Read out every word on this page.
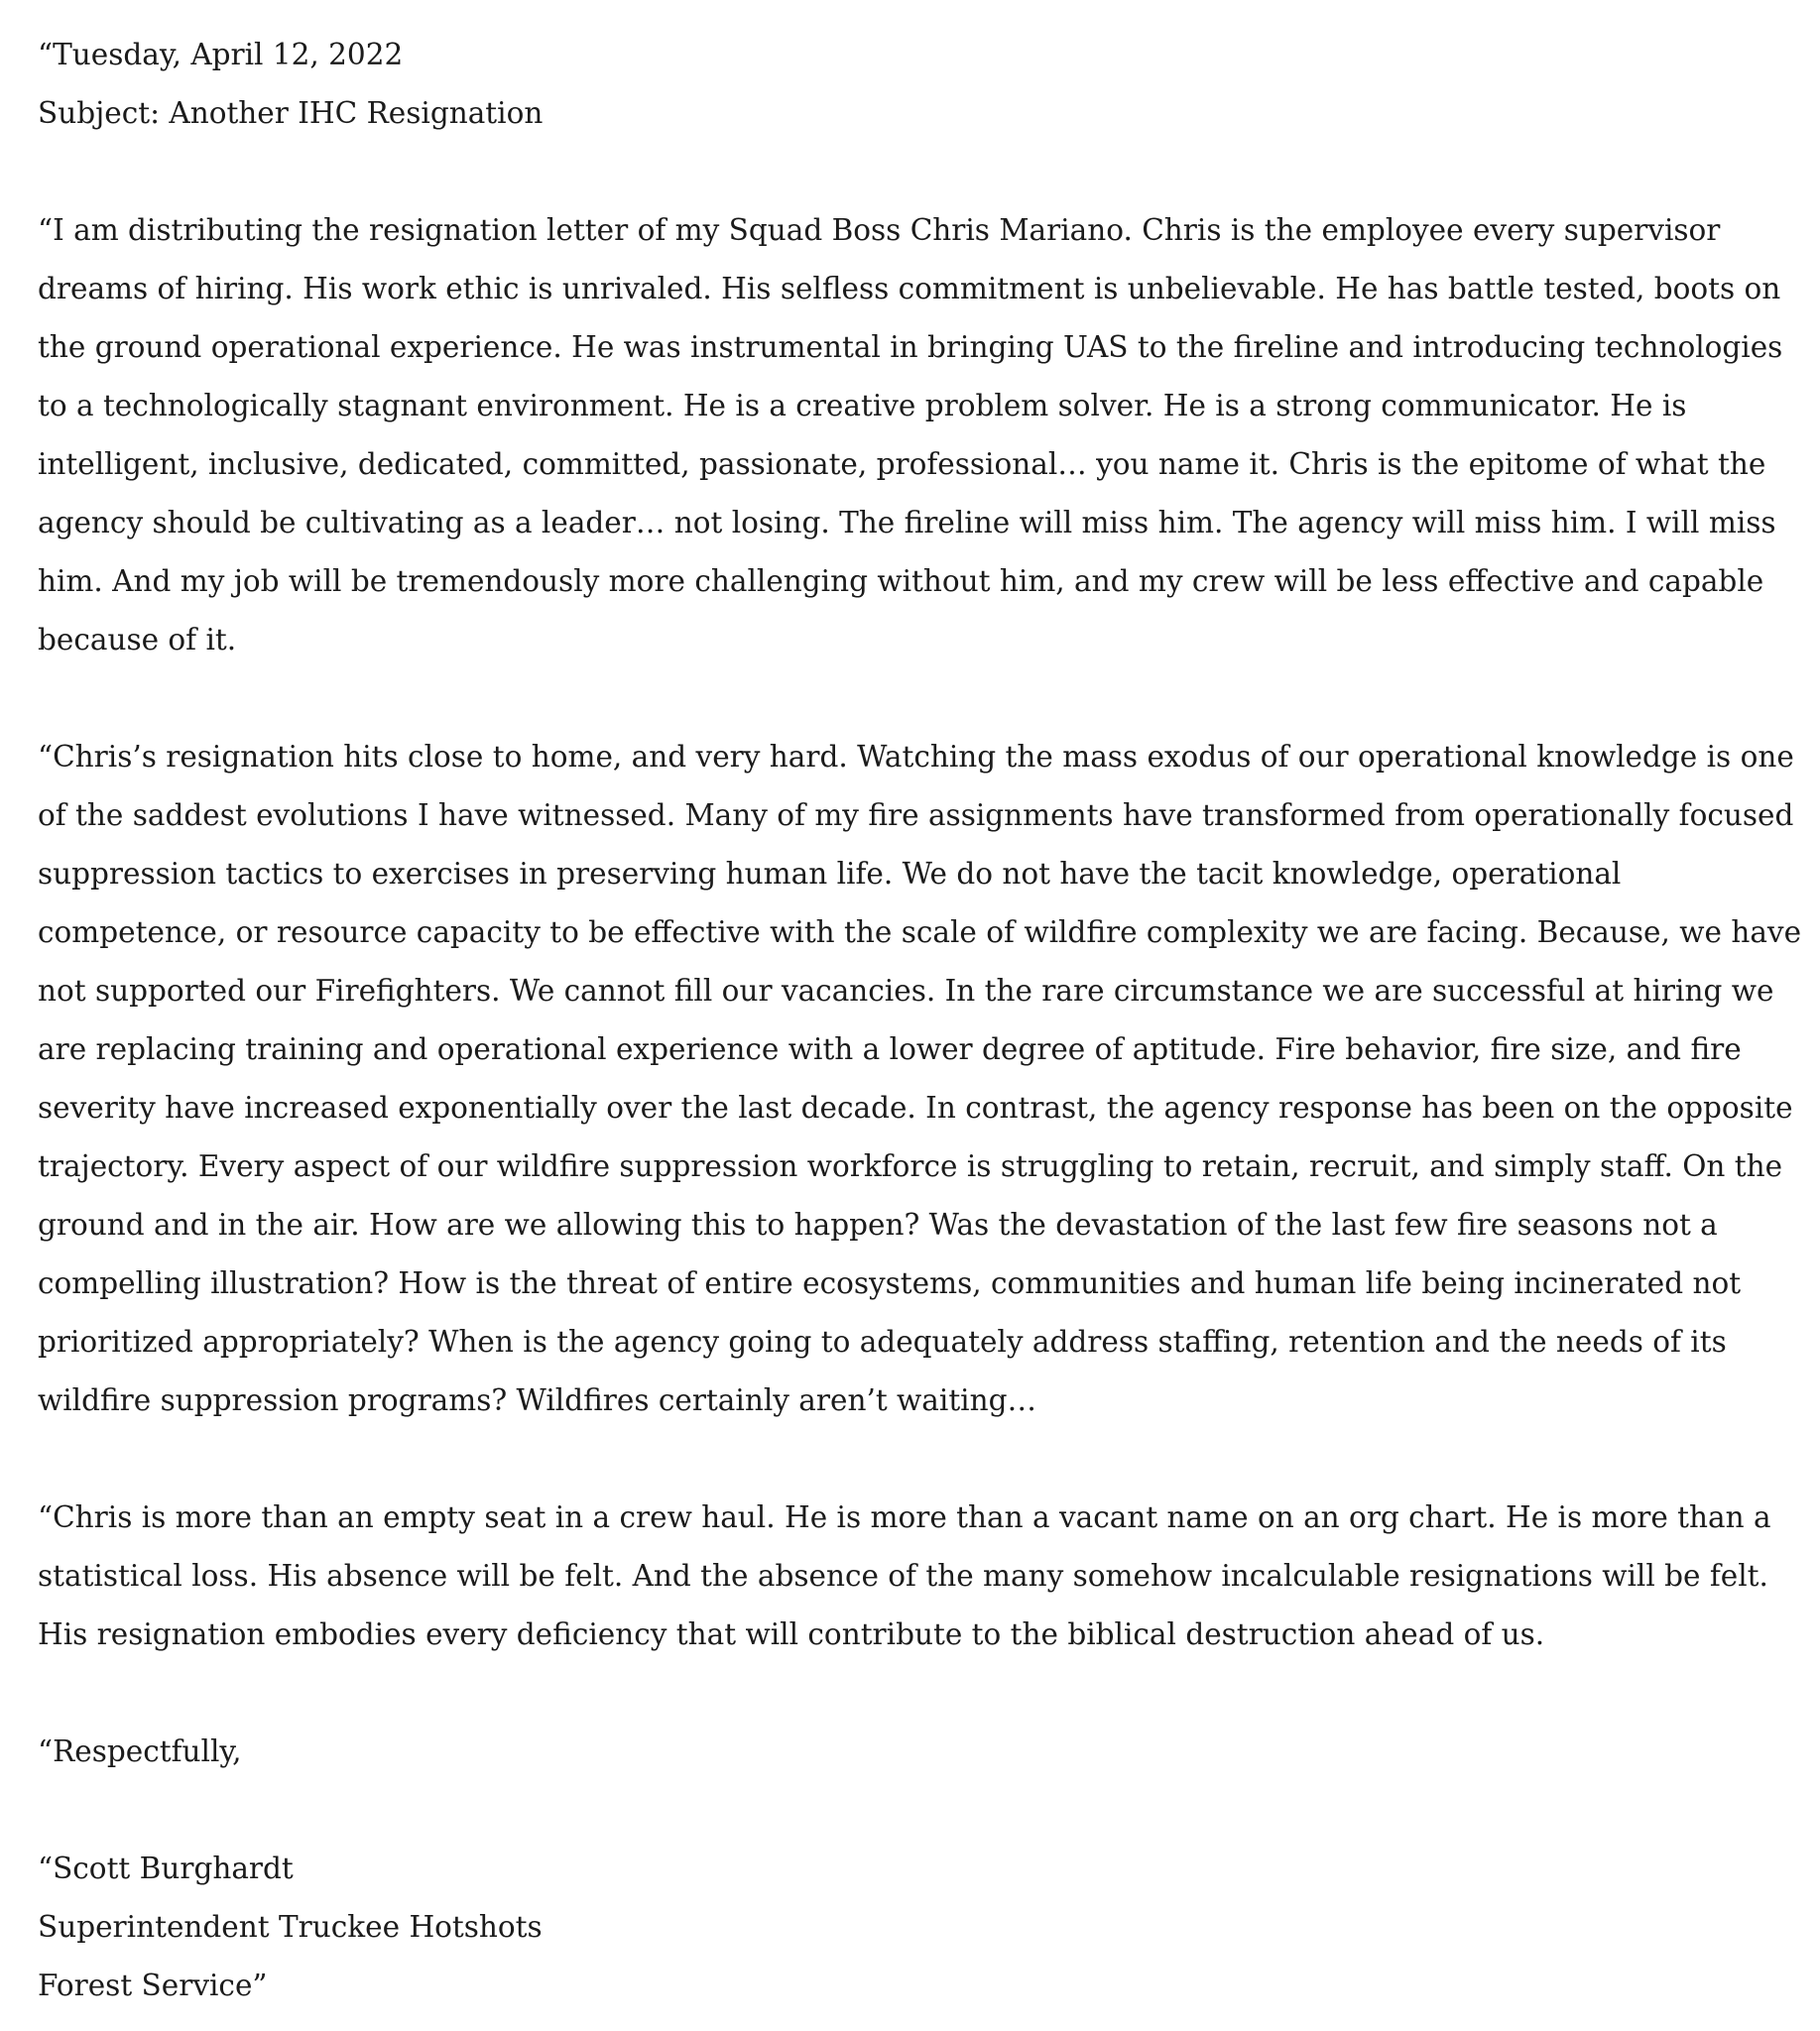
“Tuesday, April 12, 2022
Subject: Another IHC Resignation
“I am distributing the resignation letter of my Squad Boss Chris Mariano. Chris is the employee every supervisor dreams of hiring. His work ethic is unrivaled. His selfless commitment is unbelievable. He has battle tested, boots on the ground operational experience. He was instrumental in bringing UAS to the fireline and introducing technologies to a technologically stagnant environment. He is a creative problem solver. He is a strong communicator. He is intelligent, inclusive, dedicated, committed, passionate, professional… you name it. Chris is the epitome of what the agency should be cultivating as a leader… not losing. The fireline will miss him. The agency will miss him. I will miss him. And my job will be tremendously more challenging without him, and my crew will be less effective and capable because of it.
“Chris’s resignation hits close to home, and very hard. Watching the mass exodus of our operational knowledge is one of the saddest evolutions I have witnessed. Many of my fire assignments have transformed from operationally focused suppression tactics to exercises in preserving human life. We do not have the tacit knowledge, operational competence, or resource capacity to be effective with the scale of wildfire complexity we are facing. Because, we have not supported our Firefighters. We cannot fill our vacancies. In the rare circumstance we are successful at hiring we are replacing training and operational experience with a lower degree of aptitude. Fire behavior, fire size, and fire severity have increased exponentially over the last decade. In contrast, the agency response has been on the opposite trajectory. Every aspect of our wildfire suppression workforce is struggling to retain, recruit, and simply staff. On the ground and in the air. How are we allowing this to happen? Was the devastation of the last few fire seasons not a compelling illustration? How is the threat of entire ecosystems, communities and human life being incinerated not prioritized appropriately? When is the agency going to adequately address staffing, retention and the needs of its wildfire suppression programs? Wildfires certainly aren’t waiting…
“Chris is more than an empty seat in a crew haul. He is more than a vacant name on an org chart. He is more than a statistical loss. His absence will be felt. And the absence of the many somehow incalculable resignations will be felt. His resignation embodies every deficiency that will contribute to the biblical destruction ahead of us.
“Respectfully,
“Scott Burghardt
Superintendent Truckee Hotshots
Forest Service”
